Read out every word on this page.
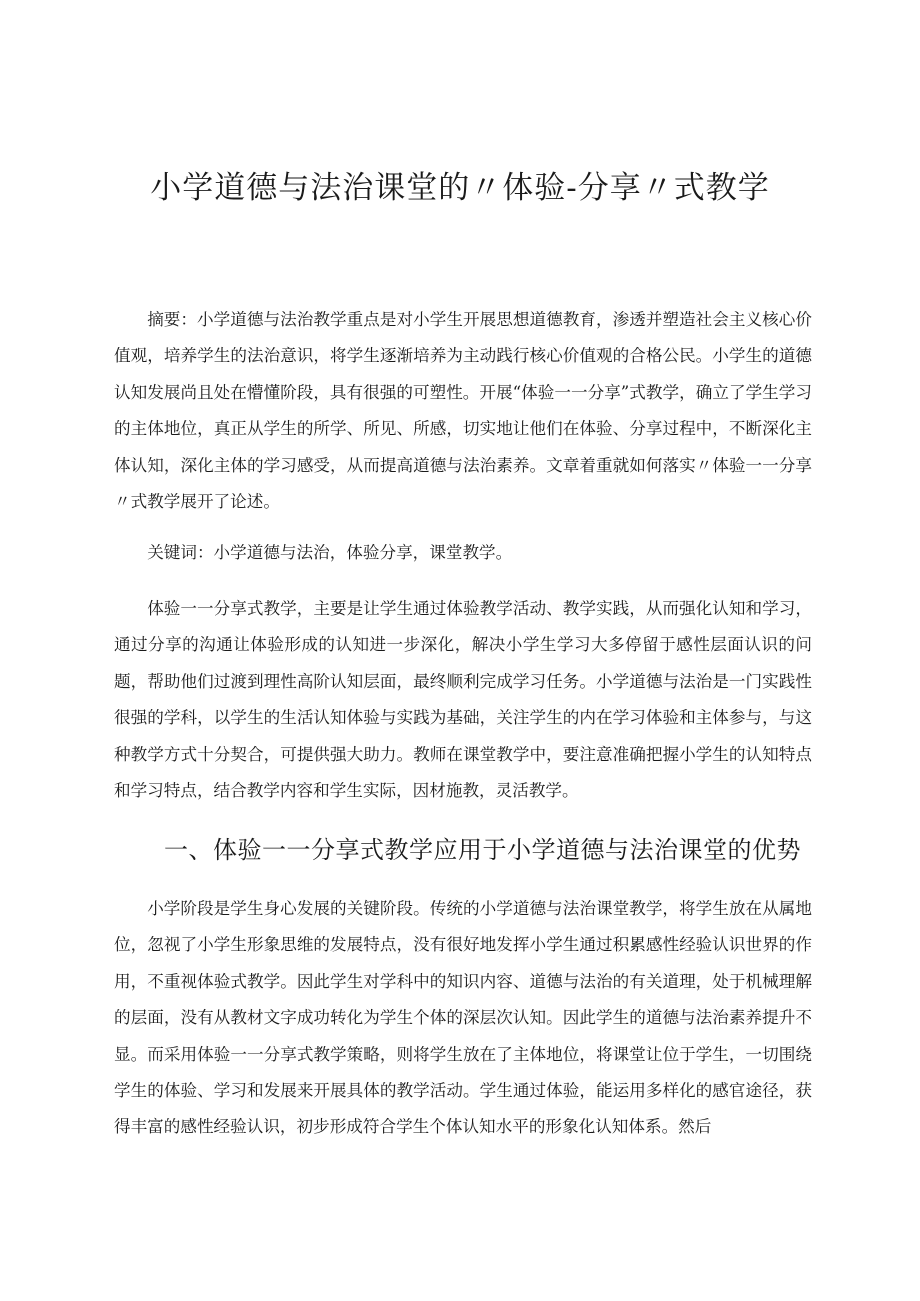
小学道德与法治课堂的〃体验-分享〃式教学

摘要：小学道德与法治教学重点是对小学生开展思想道德教育，渗透并塑造社会主义核心价值观，培养学生的法治意识，将学生逐渐培养为主动践行核心价值观的合格公民。小学生的道德认知发展尚且处在懵懂阶段，具有很强的可塑性。开展“体验一一分享”式教学，确立了学生学习的主体地位，真正从学生的所学、所见、所感，切实地让他们在体验、分享过程中，不断深化主体认知，深化主体的学习感受，从而提高道德与法治素养。文章着重就如何落实〃体验一一分享〃式教学展开了论述。

关键词：小学道德与法治，体验分享，课堂教学。

体验一一分享式教学，主要是让学生通过体验教学活动、教学实践，从而强化认知和学习，通过分享的沟通让体验形成的认知进一步深化，解决小学生学习大多停留于感性层面认识的问题，帮助他们过渡到理性高阶认知层面，最终顺利完成学习任务。小学道德与法治是一门实践性很强的学科，以学生的生活认知体验与实践为基础，关注学生的内在学习体验和主体参与，与这种教学方式十分契合，可提供强大助力。教师在课堂教学中，要注意准确把握小学生的认知特点和学习特点，结合教学内容和学生实际，因材施教，灵活教学。

一、体验一一分享式教学应用于小学道德与法治课堂的优势

小学阶段是学生身心发展的关键阶段。传统的小学道德与法治课堂教学，将学生放在从属地位，忽视了小学生形象思维的发展特点，没有很好地发挥小学生通过积累感性经验认识世界的作用，不重视体验式教学。因此学生对学科中的知识内容、道德与法治的有关道理，处于机械理解的层面，没有从教材文字成功转化为学生个体的深层次认知。因此学生的道德与法治素养提升不显。而采用体验一一分享式教学策略，则将学生放在了主体地位，将课堂让位于学生，一切围绕学生的体验、学习和发展来开展具体的教学活动。学生通过体验，能运用多样化的感官途径，获得丰富的感性经验认识，初步形成符合学生个体认知水平的形象化认知体系。然后
